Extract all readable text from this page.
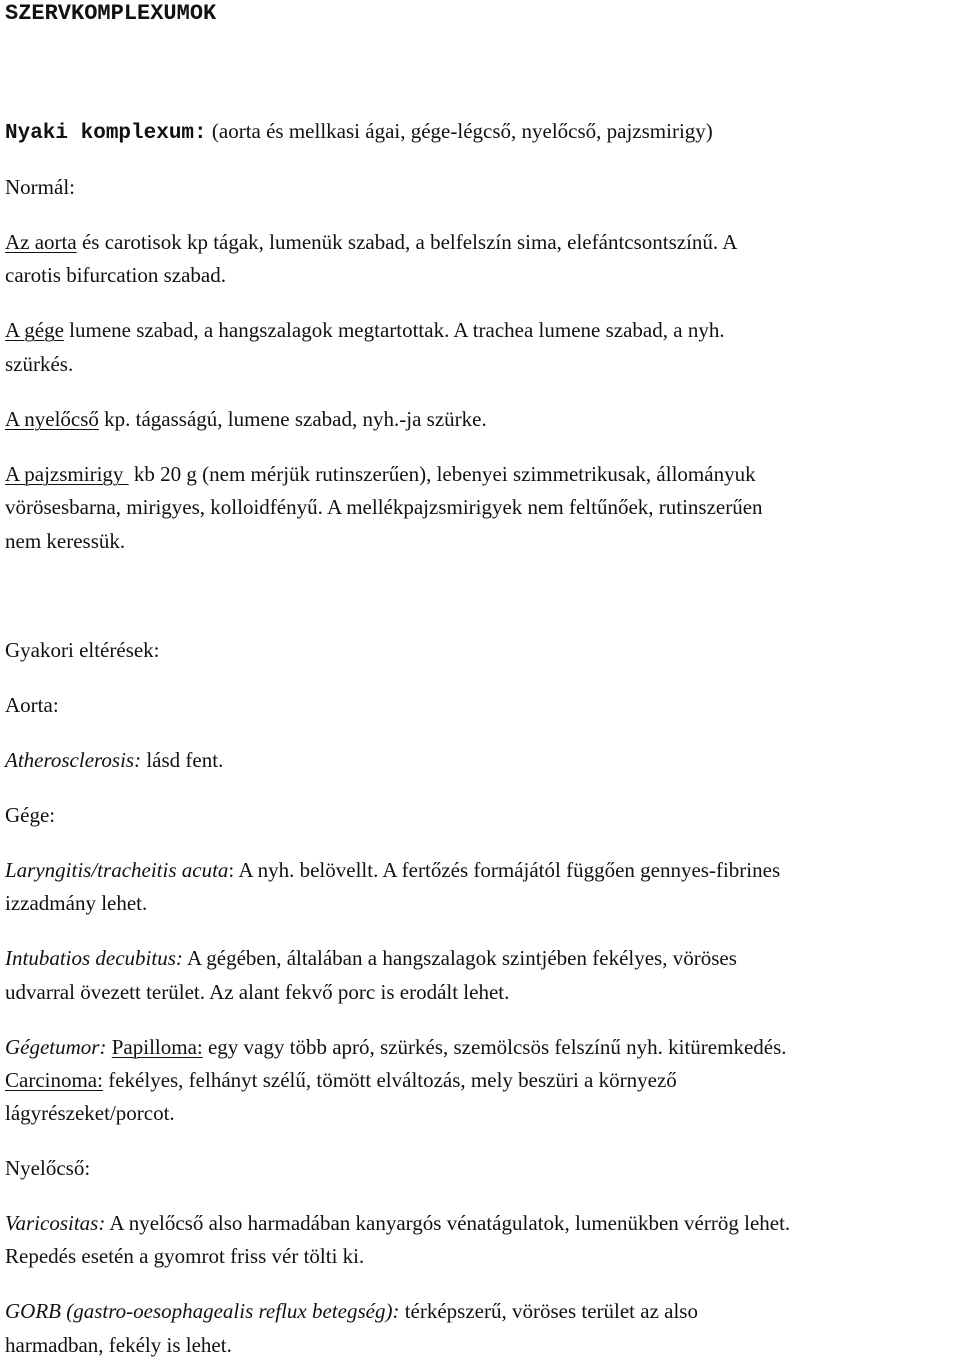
SZERVKOMPLEXUMOK
Nyaki komplexum: (aorta és mellkasi ágai, gége-légcső, nyelőcső, pajzsmirigy)
Normál:
Az aorta és carotisok kp tágak, lumenük szabad, a belfelszín sima, elefántcsontszínű. A
carotis bifurcation szabad.
A gége lumene szabad, a hangszalagok megtartottak. A trachea lumene szabad, a nyh.
szürkés.
A nyelőcső kp. tágasságú, lumene szabad, nyh.-ja szürke.
A pajzsmirigy  kb 20 g (nem mérjük rutinszerűen), lebenyei szimmetrikusak, állományuk
vörösesbarna, mirigyes, kolloidfényű. A mellékpajzsmirigyek nem feltűnőek, rutinszerűen
nem keressük.
Gyakori eltérések:
Aorta:
Atherosclerosis: lásd fent.
Gége:
Laryngitis/tracheitis acuta: A nyh. belövellt. A fertőzés formájától függően gennyes-fibrines
izzadmány lehet.
Intubatios decubitus: A gégében, általában a hangszalagok szintjében fekélyes, vöröses
udvarral övezett terület. Az alant fekvő porc is erodált lehet.
Gégetumor: Papilloma: egy vagy több apró, szürkés, szemölcsös felszínű nyh. kitüremkedés.
Carcinoma: fekélyes, felhányt szélű, tömött elváltozás, mely beszüri a környező
lágyrészeket/porcot.
Nyelőcső:
Varicositas: A nyelőcső also harmadában kanyargós vénatágulatok, lumenükben vérrög lehet.
Repedés esetén a gyomrot friss vér tölti ki.
GORB (gastro-oesophagealis reflux betegség): térképszerű, vöröses terület az also
harmadban, fekély is lehet.
